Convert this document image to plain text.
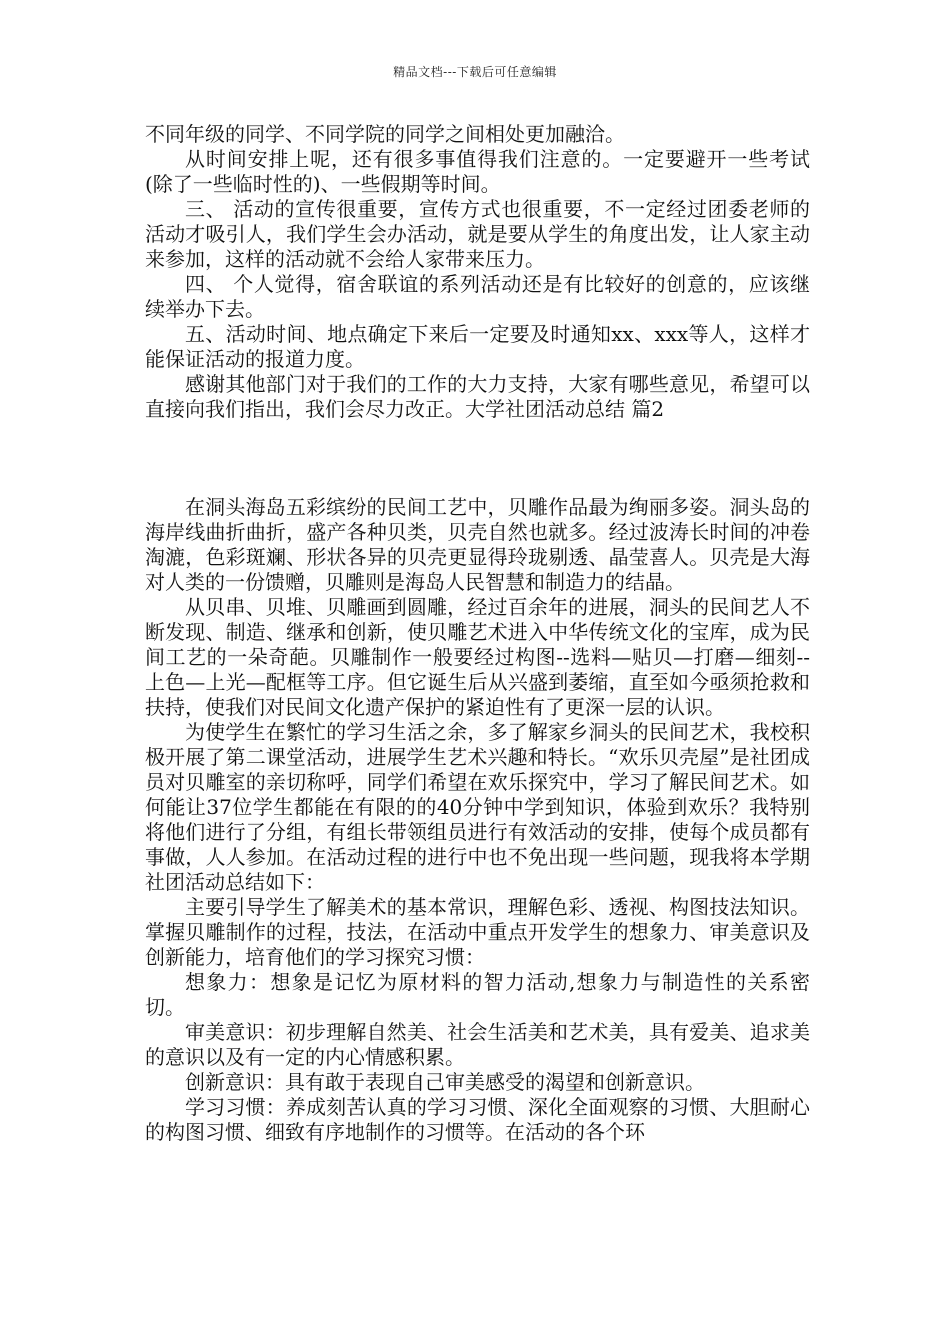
精品文档---下载后可任意编辑

不同年级的同学、不同学院的同学之间相处更加融洽。

从时间安排上呢，还有很多事值得我们注意的。一定要避开一些考试(除了一些临时性的)、一些假期等时间。

三、 活动的宣传很重要，宣传方式也很重要，不一定经过团委老师的活动才吸引人，我们学生会办活动，就是要从学生的角度出发，让人家主动来参加，这样的活动就不会给人家带来压力。

四、 个人觉得，宿舍联谊的系列活动还是有比较好的创意的，应该继续举办下去。

五、活动时间、地点确定下来后一定要及时通知xx、xxx等人，这样才能保证活动的报道力度。

感谢其他部门对于我们的工作的大力支持，大家有哪些意见，希望可以直接向我们指出，我们会尽力改正。大学社团活动总结 篇2

在洞头海岛五彩缤纷的民间工艺中，贝雕作品最为绚丽多姿。洞头岛的海岸线曲折曲折，盛产各种贝类，贝壳自然也就多。经过波涛长时间的冲卷淘漉，色彩斑斓、形状各异的贝壳更显得玲珑剔透、晶莹喜人。贝壳是大海对人类的一份馈赠，贝雕则是海岛人民智慧和制造力的结晶。

从贝串、贝堆、贝雕画到圆雕，经过百余年的进展，洞头的民间艺人不断发现、制造、继承和创新，使贝雕艺术进入中华传统文化的宝库，成为民间工艺的一朵奇葩。贝雕制作一般要经过构图--选料—贴贝—打磨—细刻--上色—上光—配框等工序。但它诞生后从兴盛到萎缩，直至如今亟须抢救和扶持，使我们对民间文化遗产保护的紧迫性有了更深一层的认识。

为使学生在繁忙的学习生活之余，多了解家乡洞头的民间艺术，我校积极开展了第二课堂活动，进展学生艺术兴趣和特长。“欢乐贝壳屋”是社团成员对贝雕室的亲切称呼，同学们希望在欢乐探究中，学习了解民间艺术。如何能让37位学生都能在有限的的40分钟中学到知识，体验到欢乐？我特别将他们进行了分组，有组长带领组员进行有效活动的安排，使每个成员都有事做，人人参加。在活动过程的进行中也不免出现一些问题，现我将本学期社团活动总结如下：

主要引导学生了解美术的基本常识，理解色彩、透视、构图技法知识。掌握贝雕制作的过程，技法，在活动中重点开发学生的想象力、审美意识及创新能力，培育他们的学习探究习惯：

想象力：想象是记忆为原材料的智力活动,想象力与制造性的关系密切。

审美意识：初步理解自然美、社会生活美和艺术美，具有爱美、追求美的意识以及有一定的内心情感积累。

创新意识：具有敢于表现自己审美感受的渴望和创新意识。

学习习惯：养成刻苦认真的学习习惯、深化全面观察的习惯、大胆耐心的构图习惯、细致有序地制作的习惯等。在活动的各个环
